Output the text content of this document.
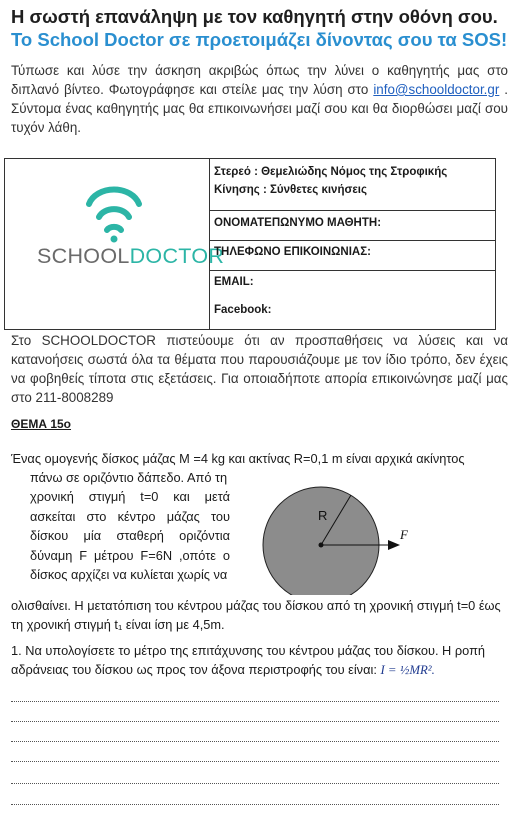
Η σωστή επανάληψη με τον καθηγητή στην οθόνη σου.
Το School Doctor σε προετοιμάζει δίνοντας σου τα SOS!
Τύπωσε και λύσε την άσκηση ακριβώς όπως την λύνει ο καθηγητής μας στο διπλανό βίντεο. Φωτογράφησε και στείλε μας την λύση στο info@schooldoctor.gr . Σύντομα ένας καθηγητής μας θα επικοινωνήσει μαζί σου και θα διορθώσει μαζί σου τυχόν λάθη.
SCHOOLDOCTOR
Στερεό : Θεμελιώδης Νόμος της Στροφικής
Κίνησης : Σύνθετες κινήσεις
ΟΝΟΜΑΤΕΠΩΝΥΜΟ ΜΑΘΗΤΗ:
ΤΗΛΕΦΩΝΟ ΕΠΙΚΟΙΝΩΝΙΑΣ:
EMAIL:
Facebook:
Στο SCHOOLDOCTOR πιστεύουμε ότι αν προσπαθήσεις να λύσεις και να κατανοήσεις σωστά όλα τα θέματα που παρουσιάζουμε με τον ίδιο τρόπο, δεν έχεις να φοβηθείς τίποτα στις εξετάσεις. Για οποιαδήποτε απορία επικοινώνησε μαζί μας στο 211-8008289
ΘΕΜΑ 15ο
Ένας ομογενής δίσκος μάζας M =4 kg και ακτίνας R=0,1 m είναι αρχικά ακίνητος
πάνω σε οριζόντιο δάπεδο. Από τη
χρονική στιγμή t=0 και μετά ασκείται στο κέντρο μάζας του δίσκου μία σταθερή οριζόντια δύναμη F μέτρου F=6N ,οπότε ο δίσκος αρχίζει να κυλίεται χωρίς να
R
F
ολισθαίνει. Η μετατόπιση του κέντρου μάζας του δίσκου από τη χρονική στιγμή t=0 έως τη χρονική στιγμή t₁ είναι ίση με 4,5m.
1. Να υπολογίσετε το μέτρο της επιτάχυνσης του κέντρου μάζας του δίσκου. Η ροπή αδράνειας του δίσκου ως προς τον άξονα περιστροφής του είναι: I = ½MR².
